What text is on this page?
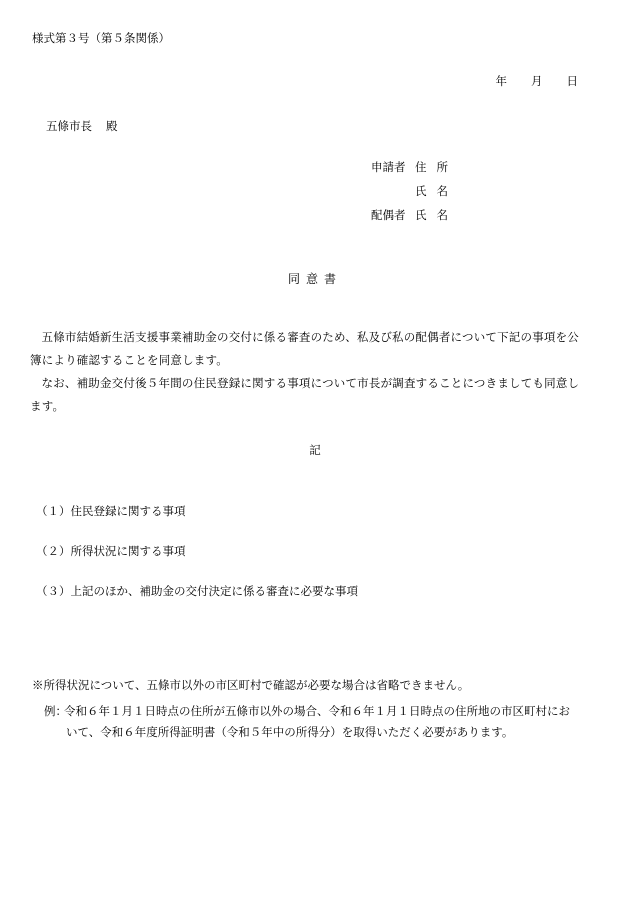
様式第３号（第５条関係）
年 月 日
五條市長 殿
申請者 住所
氏名
配偶者 氏名
同意書

五條市結婚新生活支援事業補助金の交付に係る審査のため、私及び私の配偶者について下記の事項を公簿により確認することを同意します。

なお、補助金交付後５年間の住民登録に関する事項について市長が調査することにつきましても同意します。

記
（１）住民登録に関する事項
（２）所得状況に関する事項
（３）上記のほか、補助金の交付決定に係る審査に必要な事項
※所得状況について、五條市以外の市区町村で確認が必要な場合は省略できません。
例：
令和６年１月１日時点の住所が五條市以外の場合、令和６年１月１日時点の住所地の市区町村にお
いて、令和６年度所得証明書（令和５年中の所得分）を取得いただく必要があります。
